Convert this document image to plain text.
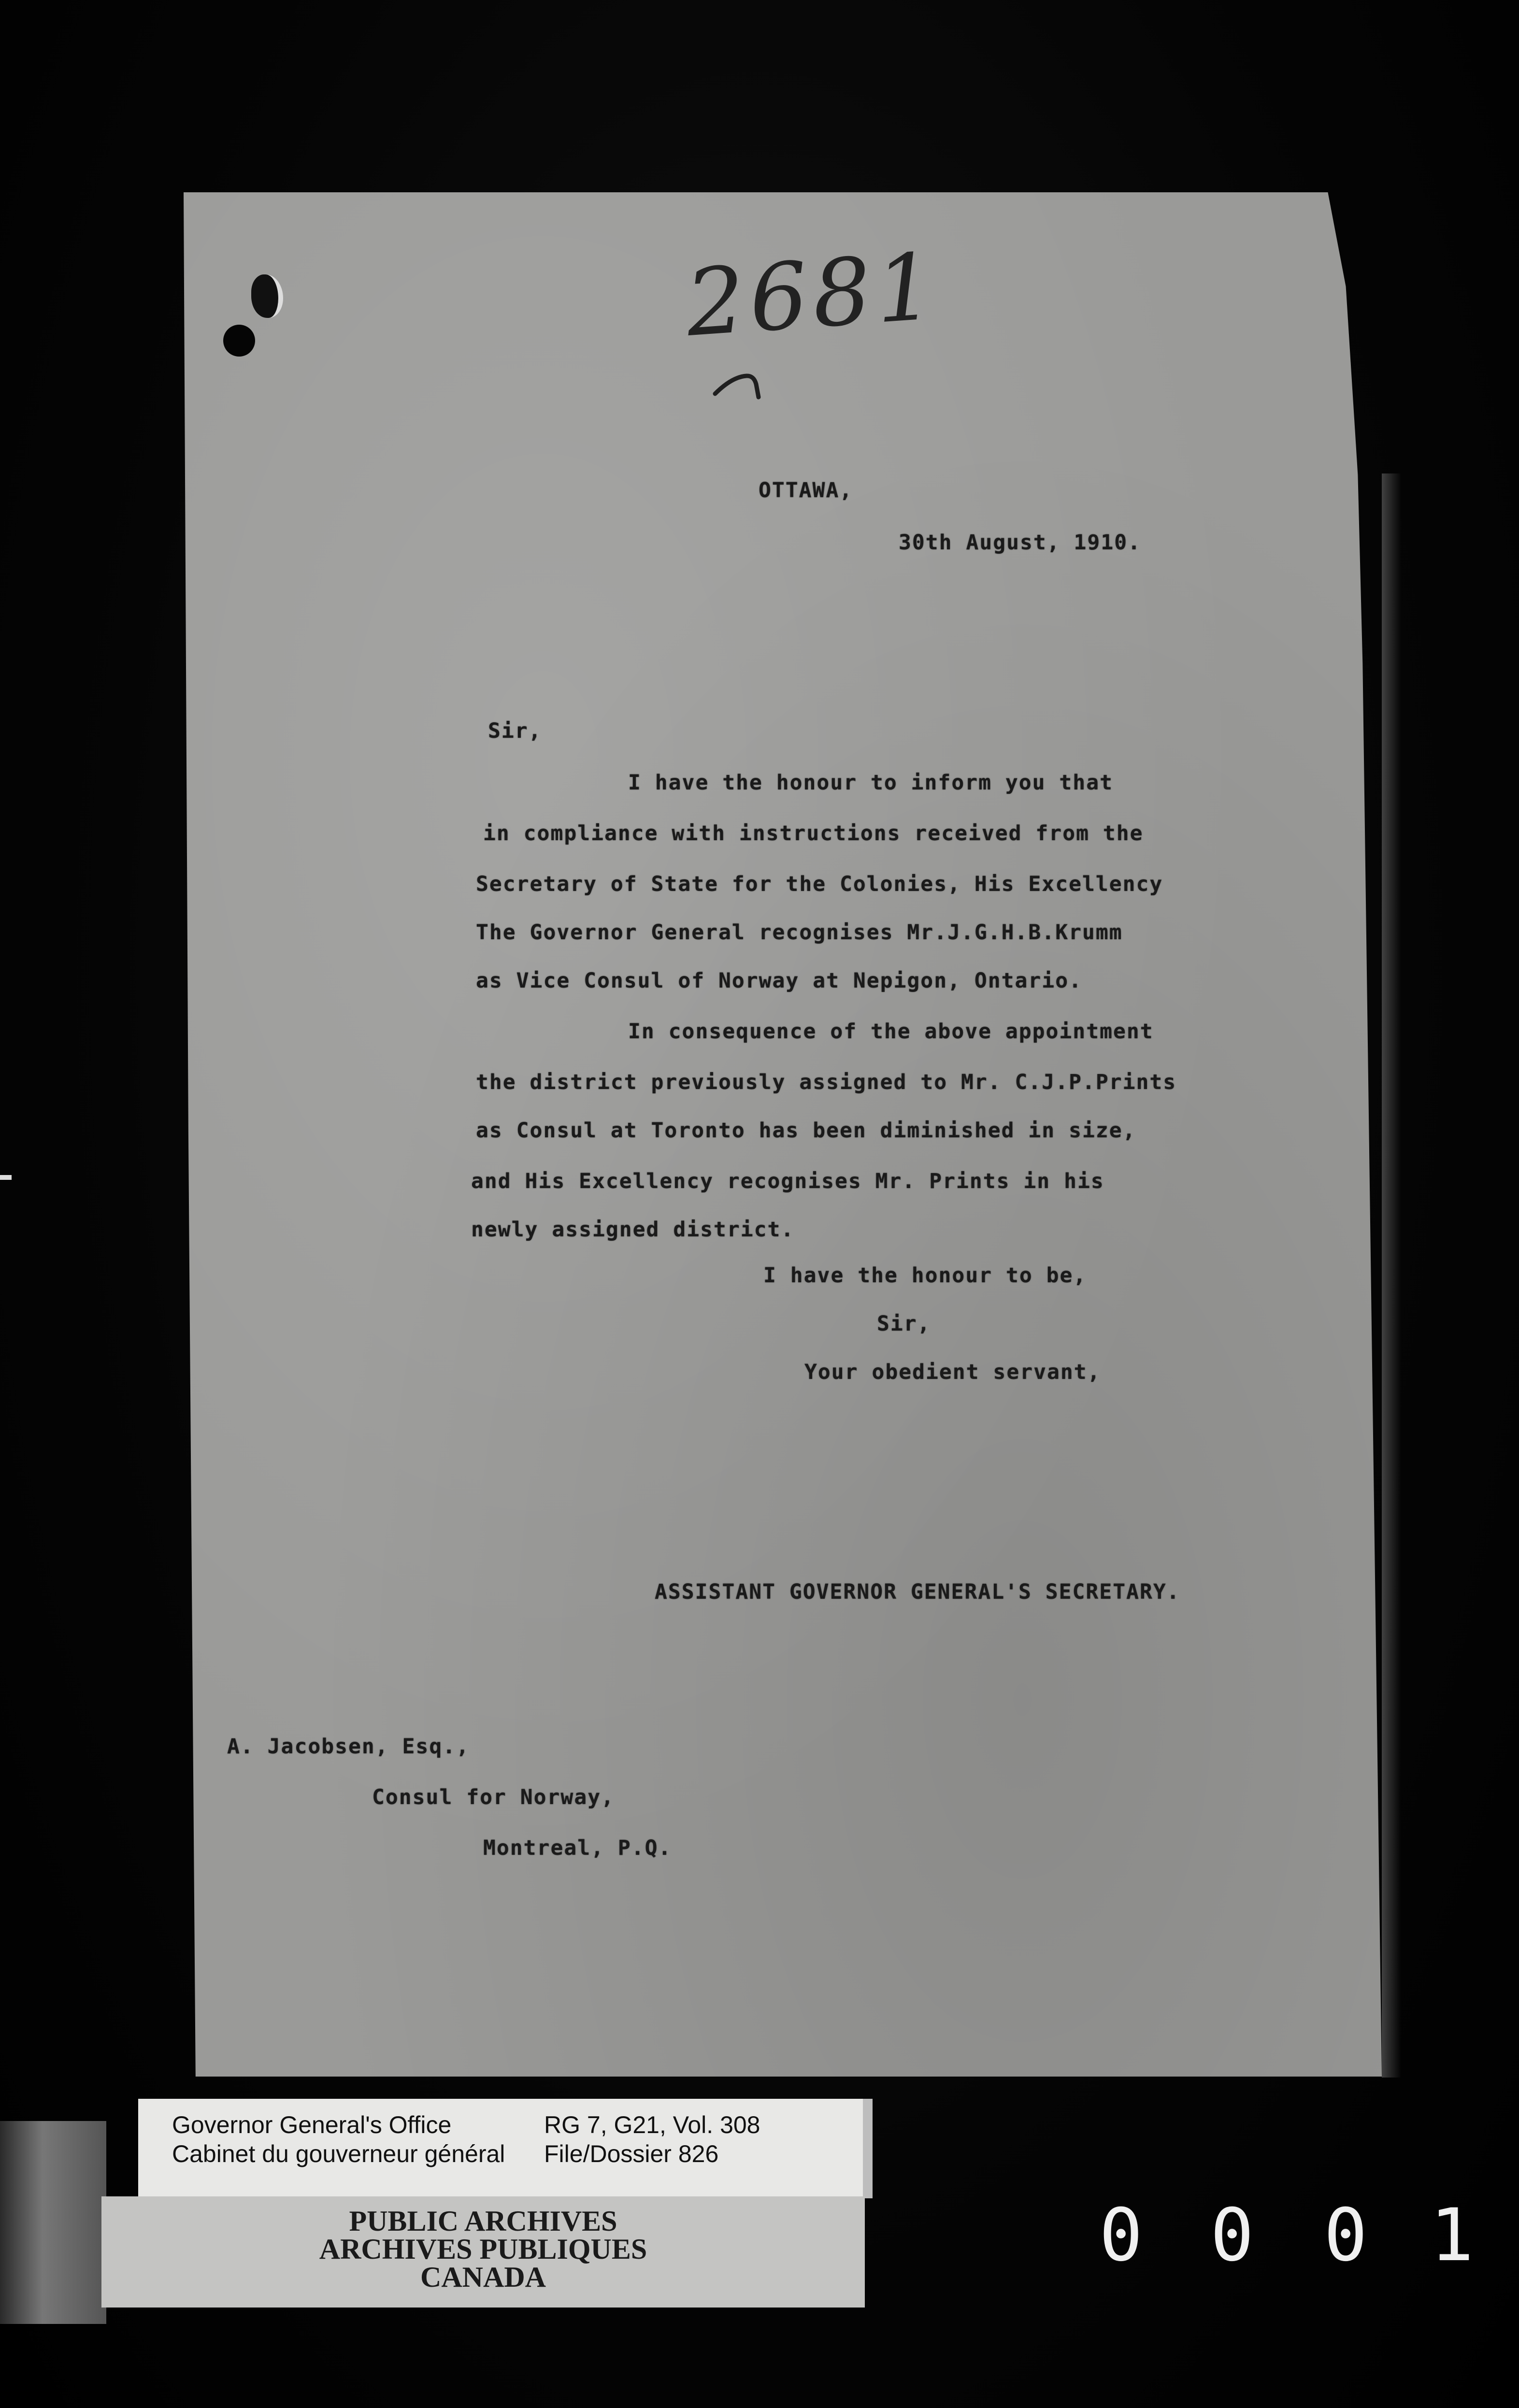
2681
OTTAWA,
30th August, 1910.
Sir,
I have the honour to inform you that
in compliance with instructions received from the
Secretary of State for the Colonies, His Excellency
The Governor General recognises Mr.J.G.H.B.Krumm
as Vice Consul of Norway at Nepigon, Ontario.
In consequence of the above appointment
the district previously assigned to Mr. C.J.P.Prints
as Consul at Toronto has been diminished in size,
and His Excellency recognises Mr. Prints in his
newly assigned district.
I have the honour to be,
Sir,
Your obedient servant,
ASSISTANT GOVERNOR GENERAL'S SECRETARY.
A. Jacobsen, Esq.,
Consul for Norway,
Montreal, P.Q.
Governor General's Office
Cabinet du gouverneur général
RG 7, G21, Vol. 308
File/Dossier 826
PUBLIC ARCHIVES
ARCHIVES PUBLIQUES
CANADA	0 0 0 1
